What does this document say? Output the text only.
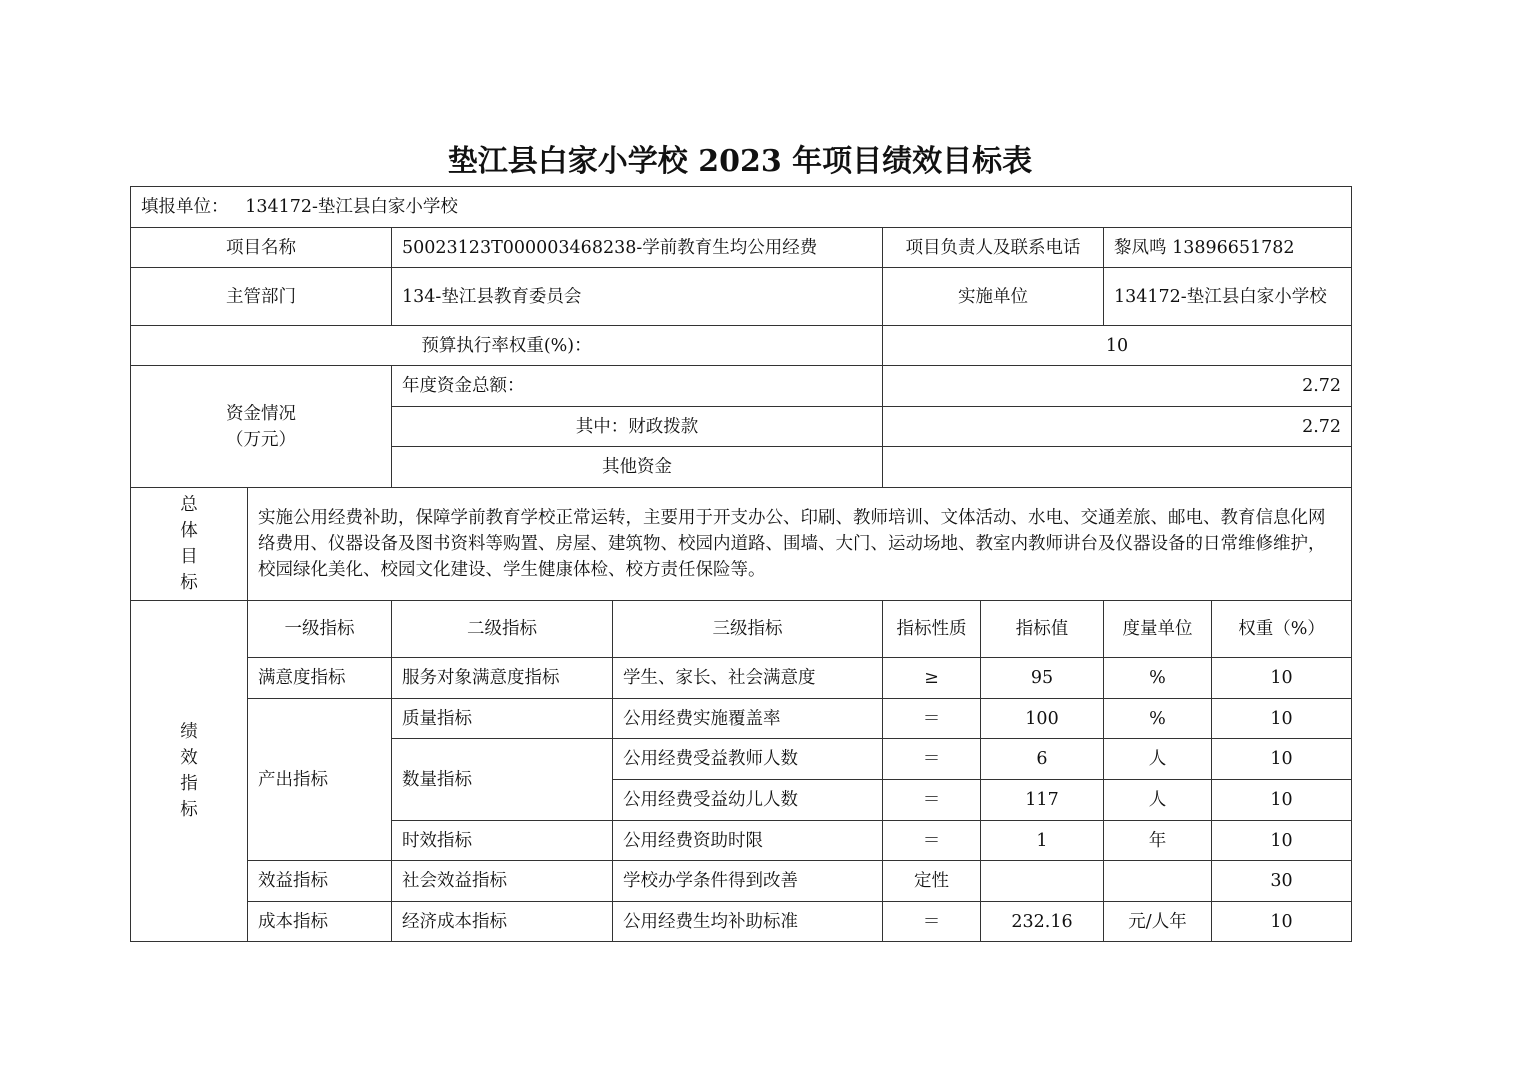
垫江县白家小学校 2023 年项目绩效目标表
填报单位： 134172-垫江县白家小学校							
项目名称		50023123T000003468238-学前教育生均公用经费		项目负责人及联系电话		黎凤鸣 13896651782	
主管部门		134-垫江县教育委员会		实施单位		134172-垫江县白家小学校	
预算执行率权重(%)：				10			

资金情况
（万元）		年度资金总额：		2.72			
		其中：财政拨款		2.72			
		其他资金					

总
体
目
标	实施公用经费补助，保障学前教育学校正常运转，主要用于开支办公、印刷、教师培训、文体活动、水电、交通差旅、邮电、教育信息化网络费用、仪器设备及图书资料等购置、房屋、建筑物、校园内道路、围墙、大门、运动场地、教室内教师讲台及仪器设备的日常维修维护，校园绿化美化、校园文化建设、学生健康体检、校方责任保险等。						

绩
效
指
标	一级指标	二级指标	三级指标	指标性质	指标值	度量单位	权重（%）
	满意度指标	服务对象满意度指标	学生、家长、社会满意度	≥	95	%	10
	产出指标	质量指标	公用经费实施覆盖率	＝	100	%	10
		数量指标	公用经费受益教师人数	＝	6	人	10
			公用经费受益幼儿人数	＝	117	人	10
		时效指标	公用经费资助时限	＝	1	年	10
	效益指标	社会效益指标	学校办学条件得到改善	定性			30
	成本指标	经济成本指标	公用经费生均补助标准	＝	232.16	元/人年	10
